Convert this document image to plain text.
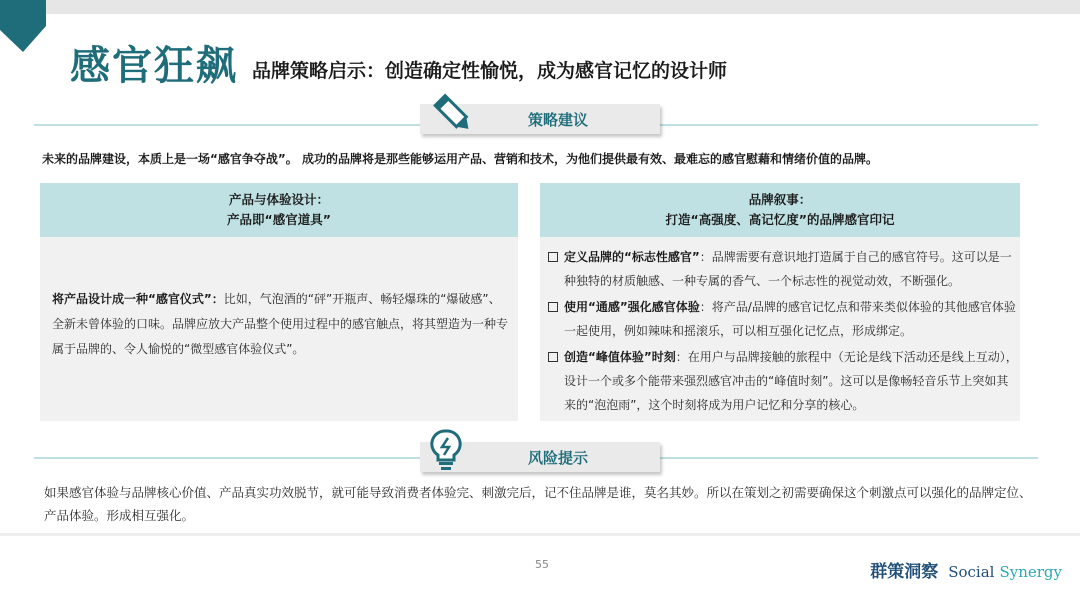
感官狂飙 品牌策略启示：创造确定性愉悦，成为感官记忆的设计师
策略建议
未来的品牌建设，本质上是一场“感官争夺战”。 成功的品牌将是那些能够运用产品、营销和技术，为他们提供最有效、最难忘的感官慰藉和情绪价值的品牌。
产品与体验设计：
产品即“感官道具”
将产品设计成一种“感官仪式”：比如，气泡酒的“砰”开瓶声、畅轻爆珠的“爆破感”、全新未曾体验的口味。品牌应放大产品整个使用过程中的感官触点，将其塑造为一种专属于品牌的、令人愉悦的“微型感官体验仪式”。
品牌叙事：
打造“高强度、高记忆度”的品牌感官印记
定义品牌的“标志性感官”：品牌需要有意识地打造属于自己的感官符号。这可以是一种独特的材质触感、一种专属的香气、一个标志性的视觉动效，不断强化。
使用“通感”强化感官体验：将产品/品牌的感官记忆点和带来类似体验的其他感官体验一起使用，例如辣味和摇滚乐，可以相互强化记忆点，形成绑定。
创造“峰值体验”时刻：在用户与品牌接触的旅程中（无论是线下活动还是线上互动），设计一个或多个能带来强烈感官冲击的“峰值时刻”。这可以是像畅轻音乐节上突如其来的“泡泡雨”，这个时刻将成为用户记忆和分享的核心。
风险提示
如果感官体验与品牌核心价值、产品真实功效脱节，就可能导致消费者体验完、刺激完后，记不住品牌是谁，莫名其妙。所以在策划之初需要确保这个刺激点可以强化的品牌定位、产品体验。形成相互强化。
55	群策洞察 Social Synergy
